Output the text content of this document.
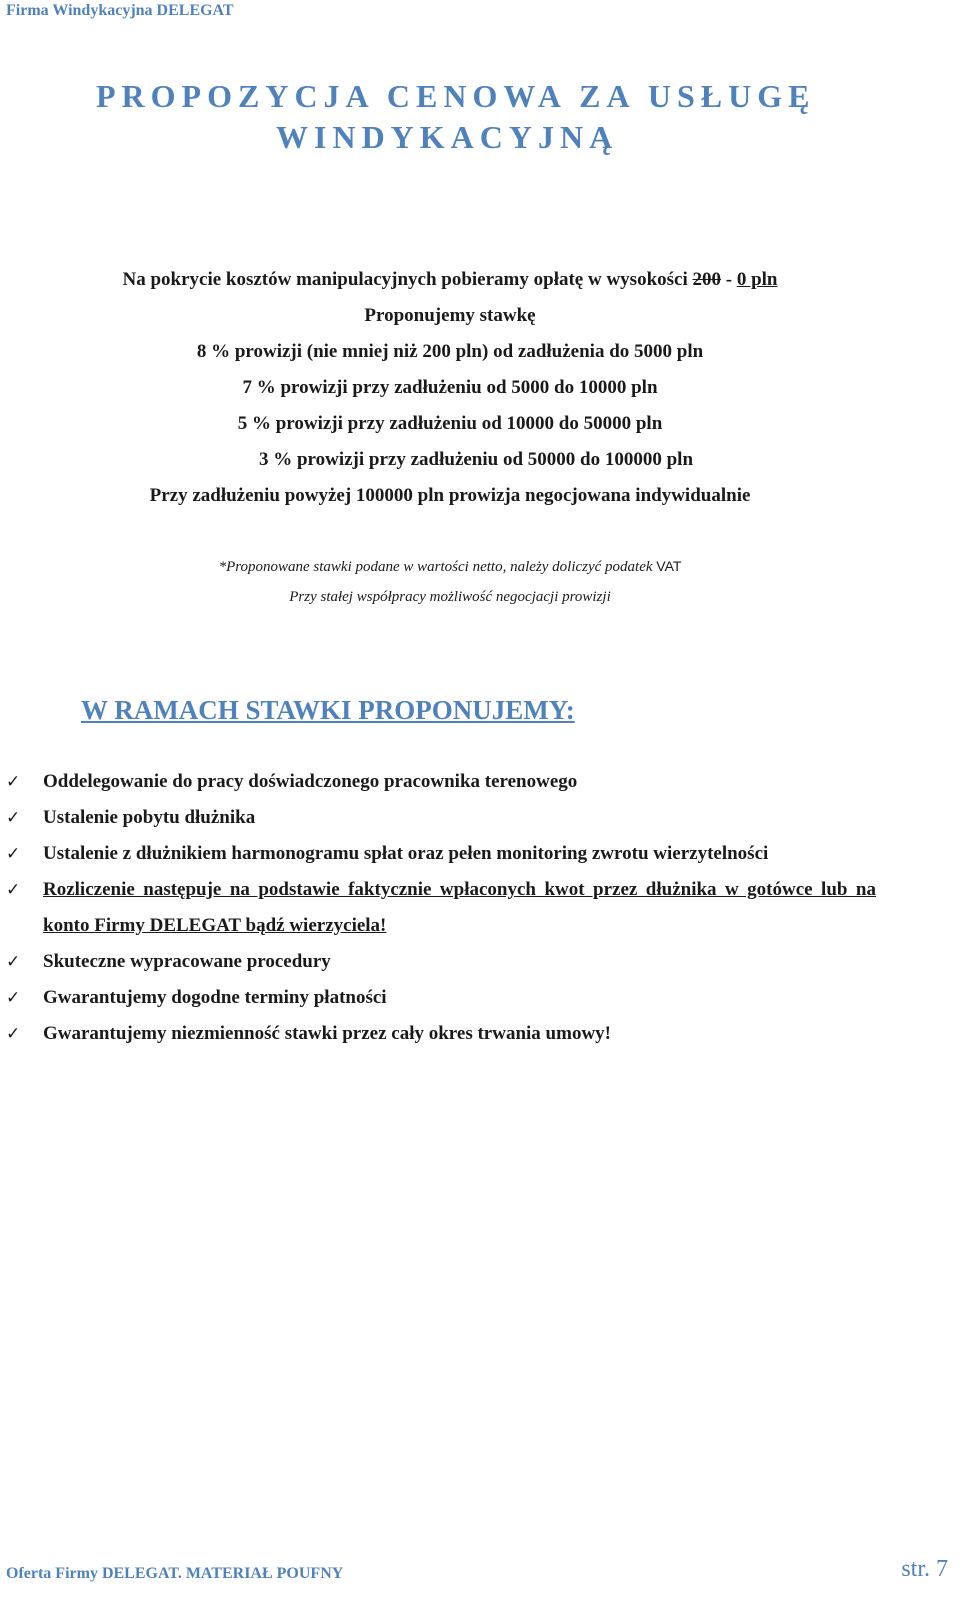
Firma Windykacyjna DELEGAT
PROPOZYCJA CENOWA ZA USŁUGĘ
WINDYKACYJNĄ
Na pokrycie kosztów manipulacyjnych pobieramy opłatę w wysokości 200 - 0 pln
Proponujemy stawkę
8 % prowizji (nie mniej niż 200 pln) od zadłużenia do 5000 pln
7 % prowizji przy zadłużeniu od 5000 do 10000 pln
5 % prowizji przy zadłużeniu od 10000 do 50000 pln
3 % prowizji przy zadłużeniu od 50000 do 100000 pln
Przy zadłużeniu powyżej 100000 pln prowizja negocjowana indywidualnie
*Proponowane stawki podane w wartości netto, należy doliczyć podatek VAT
Przy stałej współpracy możliwość negocjacji prowizji
W RAMACH STAWKI PROPONUJEMY:
✓	Oddelegowanie do pracy doświadczonego pracownika terenowego
✓	Ustalenie pobytu dłużnika
✓	Ustalenie z dłużnikiem harmonogramu spłat oraz pełen monitoring zwrotu wierzytelności
✓	Rozliczenie następuje na podstawie faktycznie wpłaconych kwot przez dłużnika w gotówce lub na konto Firmy DELEGAT bądź wierzyciela!
✓	Skuteczne wypracowane procedury
✓	Gwarantujemy dogodne terminy płatności
✓	Gwarantujemy niezmienność stawki przez cały okres trwania umowy!
Oferta Firmy DELEGAT. MATERIAŁ POUFNY	str. 7
